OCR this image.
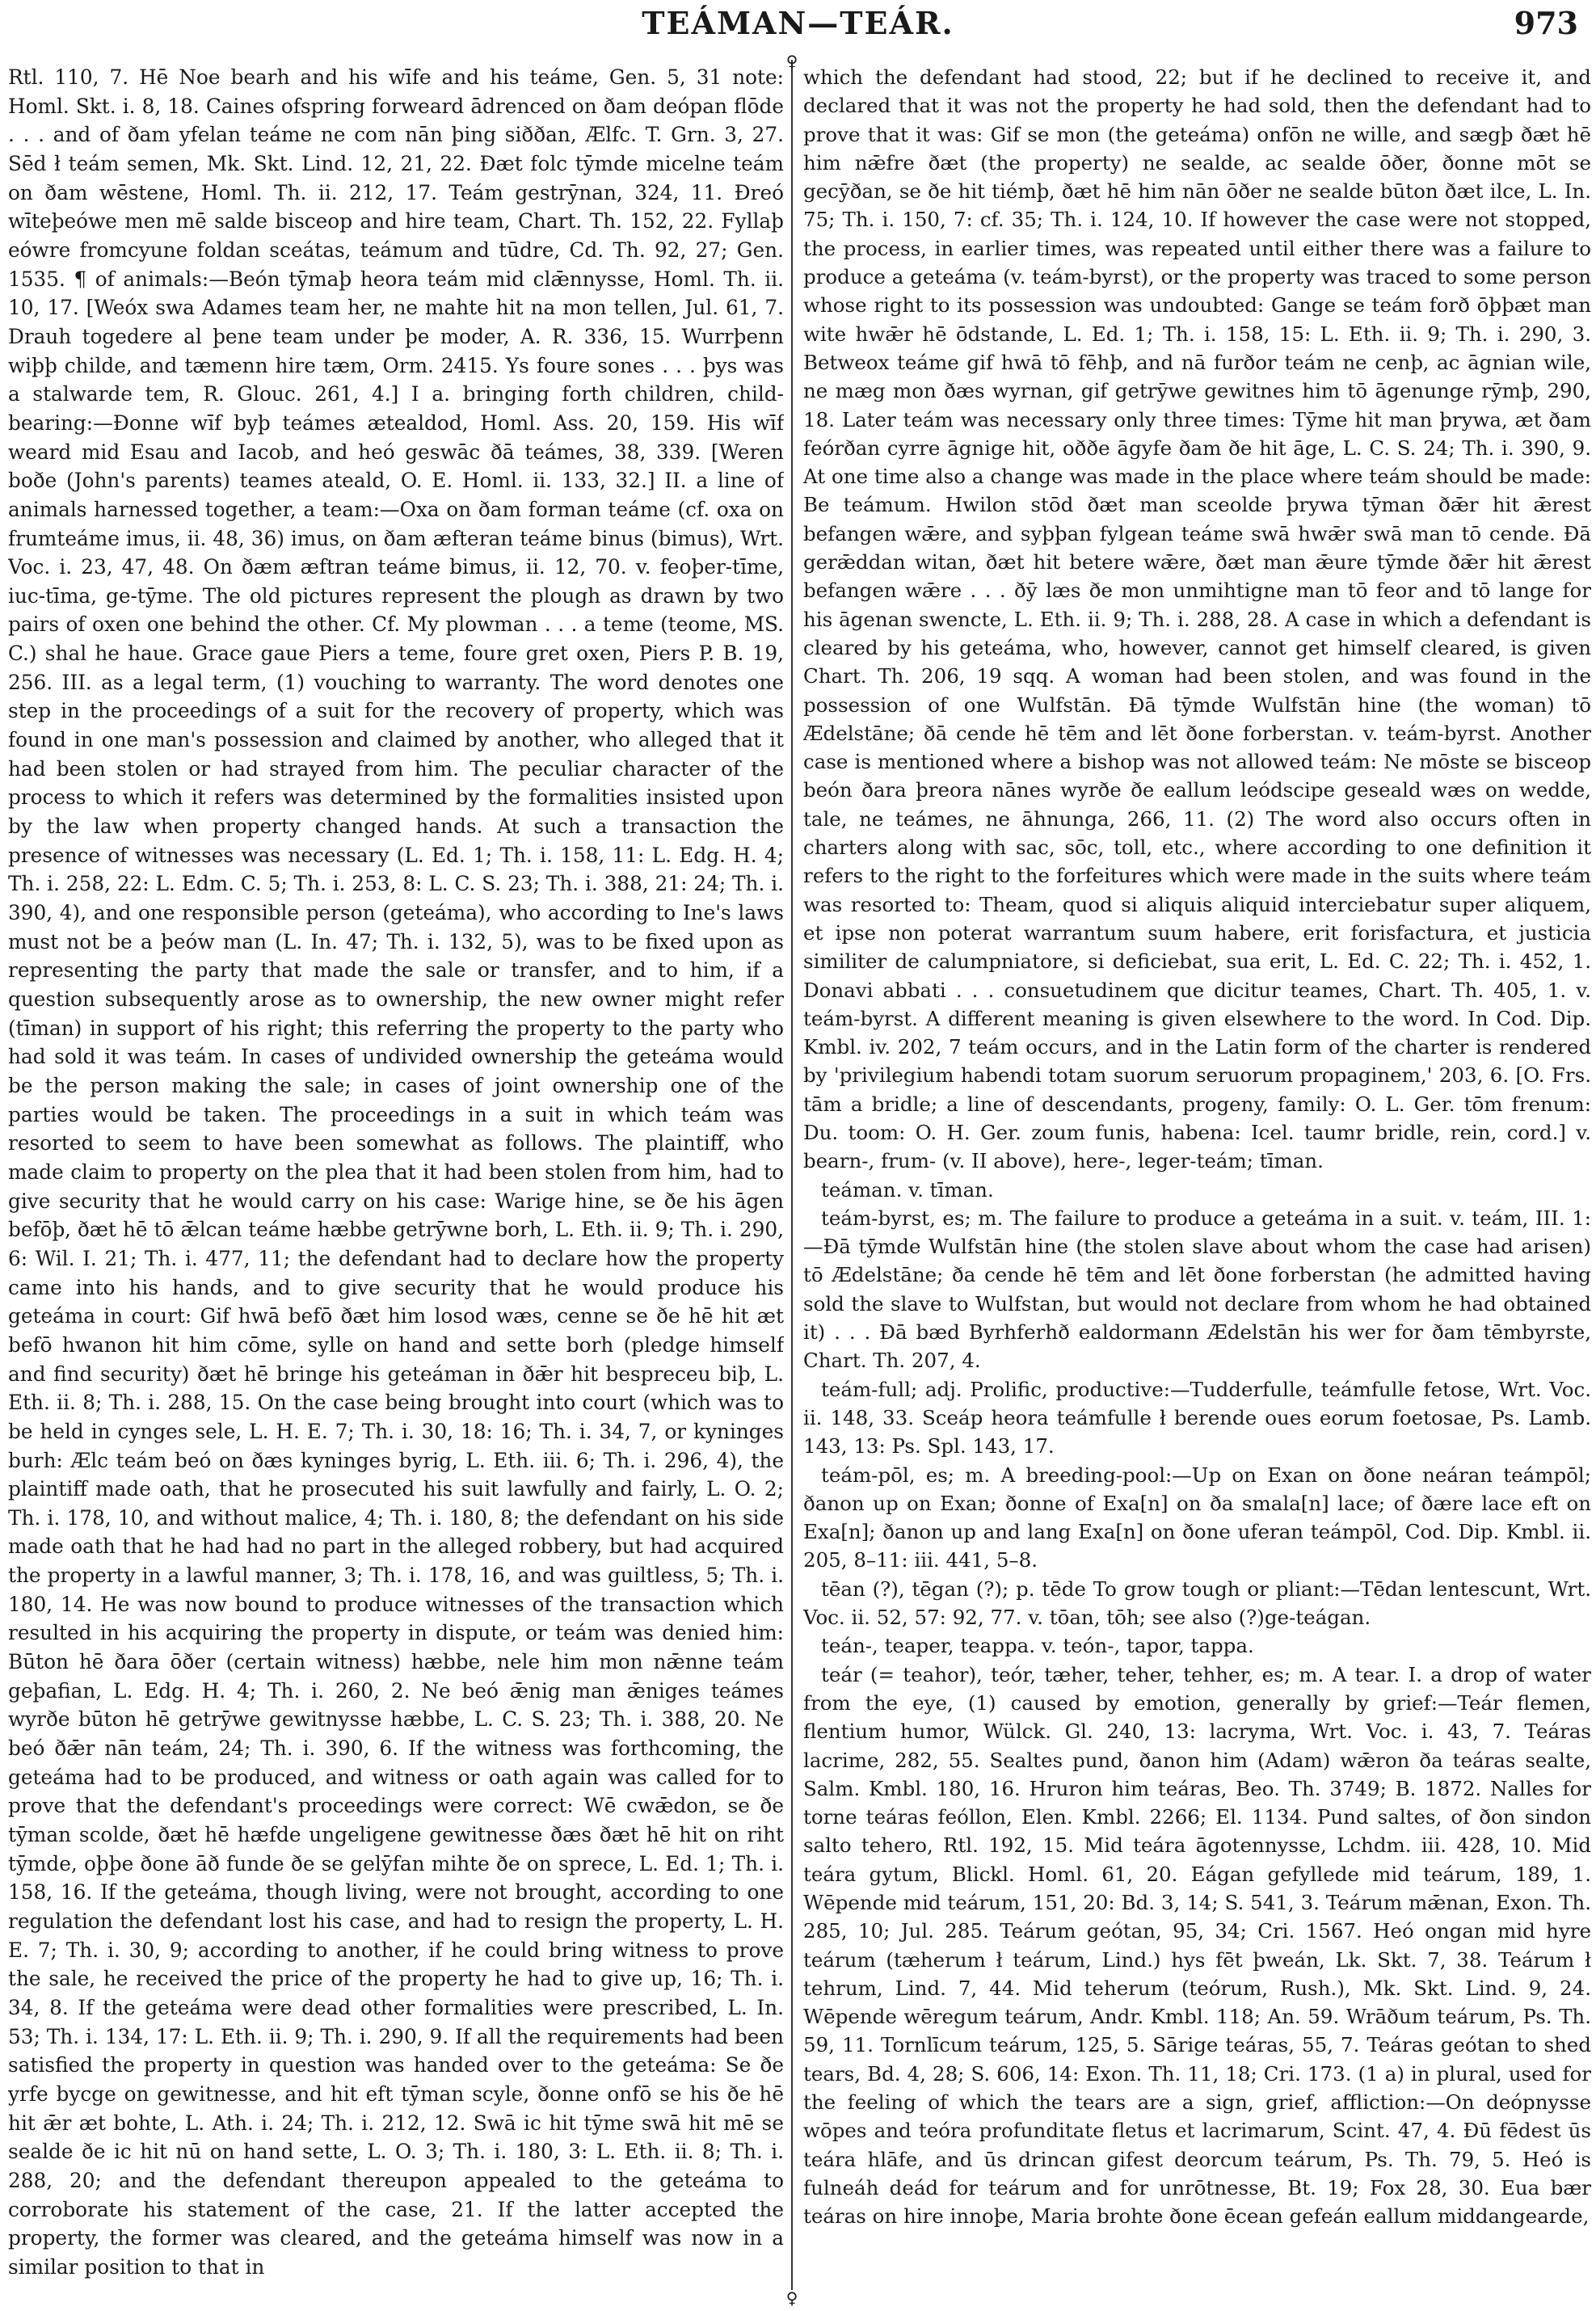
TEÁMAN—TEÁR.	973
♀
♀

Rtl. 110, 7. Hē Noe bearh and his wīfe and his teáme, Gen. 5, 31 note: Homl. Skt. i. 8, 18. Caines ofspring forweard ādrenced on ðam deópan flōde . . . and of ðam yfelan teáme ne com nān þing siððan, Ælfc. T. Grn. 3, 27. Sēd ł teám semen, Mk. Skt. Lind. 12, 21, 22. Ðæt folc tȳmde micelne teám on ðam wēstene, Homl. Th. ii. 212, 17. Teám gestrȳnan, 324, 11. Ðreó wīteþeówe men mē salde bisceop and hire team, Chart. Th. 152, 22. Fyllaþ eówre fromcyune foldan sceátas, teámum and tūdre, Cd. Th. 92, 27; Gen. 1535. ¶ of animals:—Beón tȳmaþ heora teám mid clǣnnysse, Homl. Th. ii. 10, 17. [Weóx swa Adames team her, ne mahte hit na mon tellen, Jul. 61, 7. Drauh togedere al þene team under þe moder, A. R. 336, 15. Wurrþenn wiþþ childe, and tæmenn hire tæm, Orm. 2415. Ys foure sones . . . þys was a stalwarde tem, R. Glouc. 261, 4.] I a. bringing forth children, child-bearing:—Ðonne wīf byþ teámes ætealdod, Homl. Ass. 20, 159. His wīf weard mid Esau and Iacob, and heó geswāc ðā teámes, 38, 339. [Weren boðe (John's parents) teames ateald, O. E. Homl. ii. 133, 32.] II. a line of animals harnessed together, a team:—Oxa on ðam forman teáme (cf. oxa on frumteáme imus, ii. 48, 36) imus, on ðam æfteran teáme binus (bimus), Wrt. Voc. i. 23, 47, 48. On ðæm æftran teáme bimus, ii. 12, 70. v. feoþer-tīme, iuc-tīma, ge-tȳme. The old pictures represent the plough as drawn by two pairs of oxen one behind the other. Cf. My plowman . . . a teme (teome, MS. C.) shal he haue. Grace gaue Piers a teme, foure gret oxen, Piers P. B. 19, 256. III. as a legal term, (1) vouching to warranty. The word denotes one step in the proceedings of a suit for the recovery of property, which was found in one man's possession and claimed by another, who alleged that it had been stolen or had strayed from him. The peculiar character of the process to which it refers was determined by the formalities insisted upon by the law when property changed hands. At such a transaction the presence of witnesses was necessary (L. Ed. 1; Th. i. 158, 11: L. Edg. H. 4; Th. i. 258, 22: L. Edm. C. 5; Th. i. 253, 8: L. C. S. 23; Th. i. 388, 21: 24; Th. i. 390, 4), and one responsible person (geteáma), who according to Ine's laws must not be a þeów man (L. In. 47; Th. i. 132, 5), was to be fixed upon as representing the party that made the sale or transfer, and to him, if a question subsequently arose as to ownership, the new owner might refer (tīman) in support of his right; this referring the property to the party who had sold it was teám. In cases of undivided ownership the geteáma would be the person making the sale; in cases of joint ownership one of the parties would be taken. The proceedings in a suit in which teám was resorted to seem to have been somewhat as follows. The plaintiff, who made claim to property on the plea that it had been stolen from him, had to give security that he would carry on his case: Warige hine, se ðe his āgen befōþ, ðæt hē tō ǣlcan teáme hæbbe getrȳwne borh, L. Eth. ii. 9; Th. i. 290, 6: Wil. I. 21; Th. i. 477, 11; the defendant had to declare how the property came into his hands, and to give security that he would produce his geteáma in court: Gif hwā befō ðæt him losod wæs, cenne se ðe hē hit æt befō hwanon hit him cōme, sylle on hand and sette borh (pledge himself and find security) ðæt hē bringe his geteáman in ðǣr hit bespreceu biþ, L. Eth. ii. 8; Th. i. 288, 15. On the case being brought into court (which was to be held in cynges sele, L. H. E. 7; Th. i. 30, 18: 16; Th. i. 34, 7, or kyninges burh: Ælc teám beó on ðæs kyninges byrig, L. Eth. iii. 6; Th. i. 296, 4), the plaintiff made oath, that he prosecuted his suit lawfully and fairly, L. O. 2; Th. i. 178, 10, and without malice, 4; Th. i. 180, 8; the defendant on his side made oath that he had had no part in the alleged robbery, but had acquired the property in a lawful manner, 3; Th. i. 178, 16, and was guiltless, 5; Th. i. 180, 14. He was now bound to produce witnesses of the transaction which resulted in his acquiring the property in dispute, or teám was denied him: Būton hē ðara ōðer (certain witness) hæbbe, nele him mon nǣnne teám geþafian, L. Edg. H. 4; Th. i. 260, 2. Ne beó ǣnig man ǣniges teámes wyrðe būton hē getrȳwe gewitnysse hæbbe, L. C. S. 23; Th. i. 388, 20. Ne beó ðǣr nān teám, 24; Th. i. 390, 6. If the witness was forthcoming, the geteáma had to be produced, and witness or oath again was called for to prove that the defendant's proceedings were correct: Wē cwǣdon, se ðe tȳman scolde, ðæt hē hæfde ungeligene gewitnesse ðæs ðæt hē hit on riht tȳmde, oþþe ðone āð funde ðe se gelȳfan mihte ðe on sprece, L. Ed. 1; Th. i. 158, 16. If the geteáma, though living, were not brought, according to one regulation the defendant lost his case, and had to resign the property, L. H. E. 7; Th. i. 30, 9; according to another, if he could bring witness to prove the sale, he received the price of the property he had to give up, 16; Th. i. 34, 8. If the geteáma were dead other formalities were prescribed, L. In. 53; Th. i. 134, 17: L. Eth. ii. 9; Th. i. 290, 9. If all the requirements had been satisfied the property in question was handed over to the geteáma: Se ðe yrfe bycge on gewitnesse, and hit eft tȳman scyle, ðonne onfō se his ðe hē hit ǣr æt bohte, L. Ath. i. 24; Th. i. 212, 12. Swā ic hit tȳme swā hit mē se sealde ðe ic hit nū on hand sette, L. O. 3; Th. i. 180, 3: L. Eth. ii. 8; Th. i. 288, 20; and the defendant thereupon appealed to the geteáma to corroborate his statement of the case, 21. If the latter accepted the property, the former was cleared, and the geteáma himself was now in a similar position to that in

which the defendant had stood, 22; but if he declined to receive it, and declared that it was not the property he had sold, then the defendant had to prove that it was: Gif se mon (the geteáma) onfōn ne wille, and sægþ ðæt hē him nǣfre ðæt (the property) ne sealde, ac sealde ōðer, ðonne mōt se gecȳðan, se ðe hit tiémþ, ðæt hē him nān ōðer ne sealde būton ðæt ilce, L. In. 75; Th. i. 150, 7: cf. 35; Th. i. 124, 10. If however the case were not stopped, the process, in earlier times, was repeated until either there was a failure to produce a geteáma (v. teám-byrst), or the property was traced to some person whose right to its possession was undoubted: Gange se teám forð ōþþæt man wite hwǣr hē ōdstande, L. Ed. 1; Th. i. 158, 15: L. Eth. ii. 9; Th. i. 290, 3. Betweox teáme gif hwā tō fēhþ, and nā furðor teám ne cenþ, ac āgnian wile, ne mæg mon ðæs wyrnan, gif getrȳwe gewitnes him tō āgenunge rȳmþ, 290, 18. Later teám was necessary only three times: Tȳme hit man þrywa, æt ðam feórðan cyrre āgnige hit, oððe āgyfe ðam ðe hit āge, L. C. S. 24; Th. i. 390, 9. At one time also a change was made in the place where teám should be made: Be teámum. Hwilon stōd ðæt man sceolde þrywa tȳman ðǣr hit ǣrest befangen wǣre, and syþþan fylgean teáme swā hwǣr swā man tō cende. Ðā gerǣddan witan, ðæt hit betere wǣre, ðæt man ǣure tȳmde ðǣr hit ǣrest befangen wǣre . . . ðȳ læs ðe mon unmihtigne man tō feor and tō lange for his āgenan swencte, L. Eth. ii. 9; Th. i. 288, 28. A case in which a defendant is cleared by his geteáma, who, however, cannot get himself cleared, is given Chart. Th. 206, 19 sqq. A woman had been stolen, and was found in the possession of one Wulfstān. Ðā tȳmde Wulfstān hine (the woman) tō Ædelstāne; ðā cende hē tēm and lēt ðone forberstan. v. teám-byrst. Another case is mentioned where a bishop was not allowed teám: Ne mōste se bisceop beón ðara þreora nānes wyrðe ðe eallum leódscipe geseald wæs on wedde, tale, ne teámes, ne āhnunga, 266, 11. (2) The word also occurs often in charters along with sac, sōc, toll, etc., where according to one definition it refers to the right to the forfeitures which were made in the suits where teám was resorted to: Theam, quod si aliquis aliquid interciebatur super aliquem, et ipse non poterat warrantum suum habere, erit forisfactura, et justicia similiter de calumpniatore, si deficiebat, sua erit, L. Ed. C. 22; Th. i. 452, 1. Donavi abbati . . . consuetudinem que dicitur teames, Chart. Th. 405, 1. v. teám-byrst. A different meaning is given elsewhere to the word. In Cod. Dip. Kmbl. iv. 202, 7 teám occurs, and in the Latin form of the charter is rendered by 'privilegium habendi totam suorum seruorum propaginem,' 203, 6. [O. Frs. tām a bridle; a line of descendants, progeny, family: O. L. Ger. tōm frenum: Du. toom: O. H. Ger. zoum funis, habena: Icel. taumr bridle, rein, cord.] v. bearn-, frum- (v. II above), here-, leger-teám; tīman.

teáman. v. tīman.

teám-byrst, es; m. The failure to produce a geteáma in a suit. v. teám, III. 1:—Ðā tȳmde Wulfstān hine (the stolen slave about whom the case had arisen) tō Ædelstāne; ða cende hē tēm and lēt ðone forberstan (he admitted having sold the slave to Wulfstan, but would not declare from whom he had obtained it) . . . Ðā bæd Byrhferhð ealdormann Ædelstān his wer for ðam tēmbyrste, Chart. Th. 207, 4.

teám-full; adj. Prolific, productive:—Tudderfulle, teámfulle fetose, Wrt. Voc. ii. 148, 33. Sceáp heora teámfulle ł berende oues eorum foetosae, Ps. Lamb. 143, 13: Ps. Spl. 143, 17.

teám-pōl, es; m. A breeding-pool:—Up on Exan on ðone neáran teámpōl; ðanon up on Exan; ðonne of Exa[n] on ða smala[n] lace; of ðære lace eft on Exa[n]; ðanon up and lang Exa[n] on ðone uferan teámpōl, Cod. Dip. Kmbl. ii. 205, 8–11: iii. 441, 5–8.

tēan (?), tēgan (?); p. tēde To grow tough or pliant:—Tēdan lentescunt, Wrt. Voc. ii. 52, 57: 92, 77. v. tōan, tōh; see also (?)ge-teágan.

teán-, teaper, teappa. v. teón-, tapor, tappa.

teár (= teahor), teór, tæher, teher, tehher, es; m. A tear. I. a drop of water from the eye, (1) caused by emotion, generally by grief:—Teár flemen, flentium humor, Wülck. Gl. 240, 13: lacryma, Wrt. Voc. i. 43, 7. Teáras lacrime, 282, 55. Sealtes pund, ðanon him (Adam) wǣron ða teáras sealte, Salm. Kmbl. 180, 16. Hruron him teáras, Beo. Th. 3749; B. 1872. Nalles for torne teáras feóllon, Elen. Kmbl. 2266; El. 1134. Pund saltes, of ðon sindon salto tehero, Rtl. 192, 15. Mid teára āgotennysse, Lchdm. iii. 428, 10. Mid teára gytum, Blickl. Homl. 61, 20. Eágan gefyllede mid teárum, 189, 1. Wēpende mid teárum, 151, 20: Bd. 3, 14; S. 541, 3. Teárum mǣnan, Exon. Th. 285, 10; Jul. 285. Teárum geótan, 95, 34; Cri. 1567. Heó ongan mid hyre teárum (tæherum ł teárum, Lind.) hys fēt þweán, Lk. Skt. 7, 38. Teárum ł tehrum, Lind. 7, 44. Mid teherum (teórum, Rush.), Mk. Skt. Lind. 9, 24. Wēpende wēregum teárum, Andr. Kmbl. 118; An. 59. Wrāðum teárum, Ps. Th. 59, 11. Tornlīcum teárum, 125, 5. Sārige teáras, 55, 7. Teáras geótan to shed tears, Bd. 4, 28; S. 606, 14: Exon. Th. 11, 18; Cri. 173. (1 a) in plural, used for the feeling of which the tears are a sign, grief, affliction:—On deópnysse wōpes and teóra profunditate fletus et lacrimarum, Scint. 47, 4. Ðū fēdest ūs teára hlāfe, and ūs drincan gifest deorcum teárum, Ps. Th. 79, 5. Heó is fulneáh deád for teárum and for unrōtnesse, Bt. 19; Fox 28, 30. Eua bær teáras on hire innoþe, Maria brohte ðone ēcean gefeán eallum middangearde,
